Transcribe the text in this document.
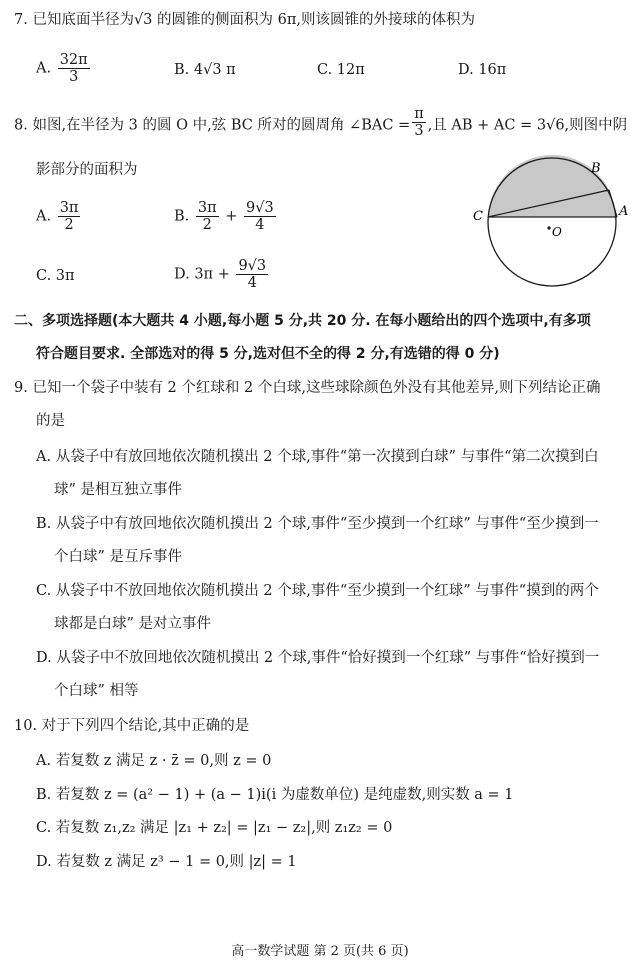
7. 已知底面半径为√3 的圆锥的侧面积为 6π,则该圆锥的外接球的体积为
A. $\frac{32\pi}{3}$	B. 4√3 π	C. 12π	D. 16π
8. 如图,在半径为 3 的圆 O 中,弦 BC 所对的圆周角 ∠BAC = $\frac{\pi}{3}$ ,且 AB + AC = 3√6,则图中阴
影部分的面积为
A. $\frac{3\pi}{2}$	B. $\frac{3\pi}{2} + \frac{9√3}{4}$
C. 3π	D. $3\pi + \frac{9√3}{4}$
C	A
B
O
二、多项选择题(本大题共 4 小题,每小题 5 分,共 20 分. 在每小题给出的四个选项中,有多项
符合题目要求. 全部选对的得 5 分,选对但不全的得 2 分,有选错的得 0 分)
9. 已知一个袋子中装有 2 个红球和 2 个白球,这些球除颜色外没有其他差异,则下列结论正确
的是
A. 从袋子中有放回地依次随机摸出 2 个球,事件“第一次摸到白球” 与事件“第二次摸到白
球” 是相互独立事件
B. 从袋子中有放回地依次随机摸出 2 个球,事件“至少摸到一个红球” 与事件“至少摸到一
个白球” 是互斥事件
C. 从袋子中不放回地依次随机摸出 2 个球,事件“至少摸到一个红球” 与事件“摸到的两个
球都是白球” 是对立事件
D. 从袋子中不放回地依次随机摸出 2 个球,事件“恰好摸到一个红球” 与事件“恰好摸到一
个白球” 相等
10. 对于下列四个结论,其中正确的是
A. 若复数 z 满足 z · z̄ = 0,则 z = 0
B. 若复数 z = (a² − 1) + (a − 1)i(i 为虚数单位) 是纯虚数,则实数 a = 1
C. 若复数 z₁,z₂ 满足 |z₁ + z₂| = |z₁ − z₂|,则 z₁z₂ = 0
D. 若复数 z 满足 z³ − 1 = 0,则 |z| = 1
高一数学试题 第 2 页(共 6 页)
